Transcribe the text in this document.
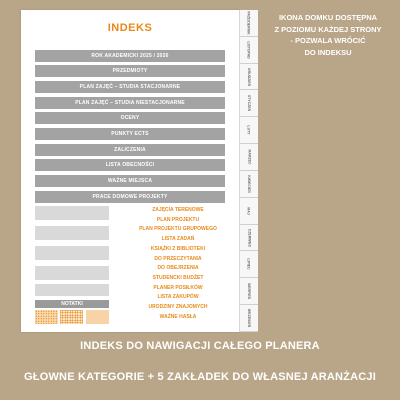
INDEKS
ROK AKADEMICKI 2025 / 2026
PRZEDMIOTY
PLAN ZAJĘĆ – STUDIA STACJONARNE
PLAN ZAJĘĆ – STUDIA NIESTACJONARNE
OCENY
PUNKTY ECTS
ZALICZENIA
LISTA OBECNOŚCI
WAŻNE MIEJSCA
PRACE DOMOWE PROJEKTY
NOTATKI
ZAJĘCIA TERENOWE
PLAN PROJEKTU
PLAN PROJEKTU GRUPOWEGO
LISTA ZADAŃ
KSIĄŻKI Z BIBLIOTEKI
DO PRZECZYTANIA
DO OBEJRZENIA
STUDENCKI BUDŻET
PLANER POSIŁKÓW
LISTA ZAKUPÓW
URODZINY ZNAJOMYCH
WAŻNE HASŁA
PAŹDZIERNIK
LISTOPAD
GRUDZIEŃ
STYCZEŃ
LUTY
MARZEC
KWIECIEŃ
MAJ
CZERWIEC
LIPIEC
SIERPIEŃ
WRZESIEŃ
IKONA DOMKU DOSTĘPNA
Z POZIOMU KAŻDEJ STRONY
- POZWALA WRÓCIĆ
DO INDEKSU
INDEKS DO NAWIGACJI CAŁEGO PLANERA
GŁOWNE KATEGORIE + 5 ZAKŁADEK DO WŁASNEJ ARANŻACJI
